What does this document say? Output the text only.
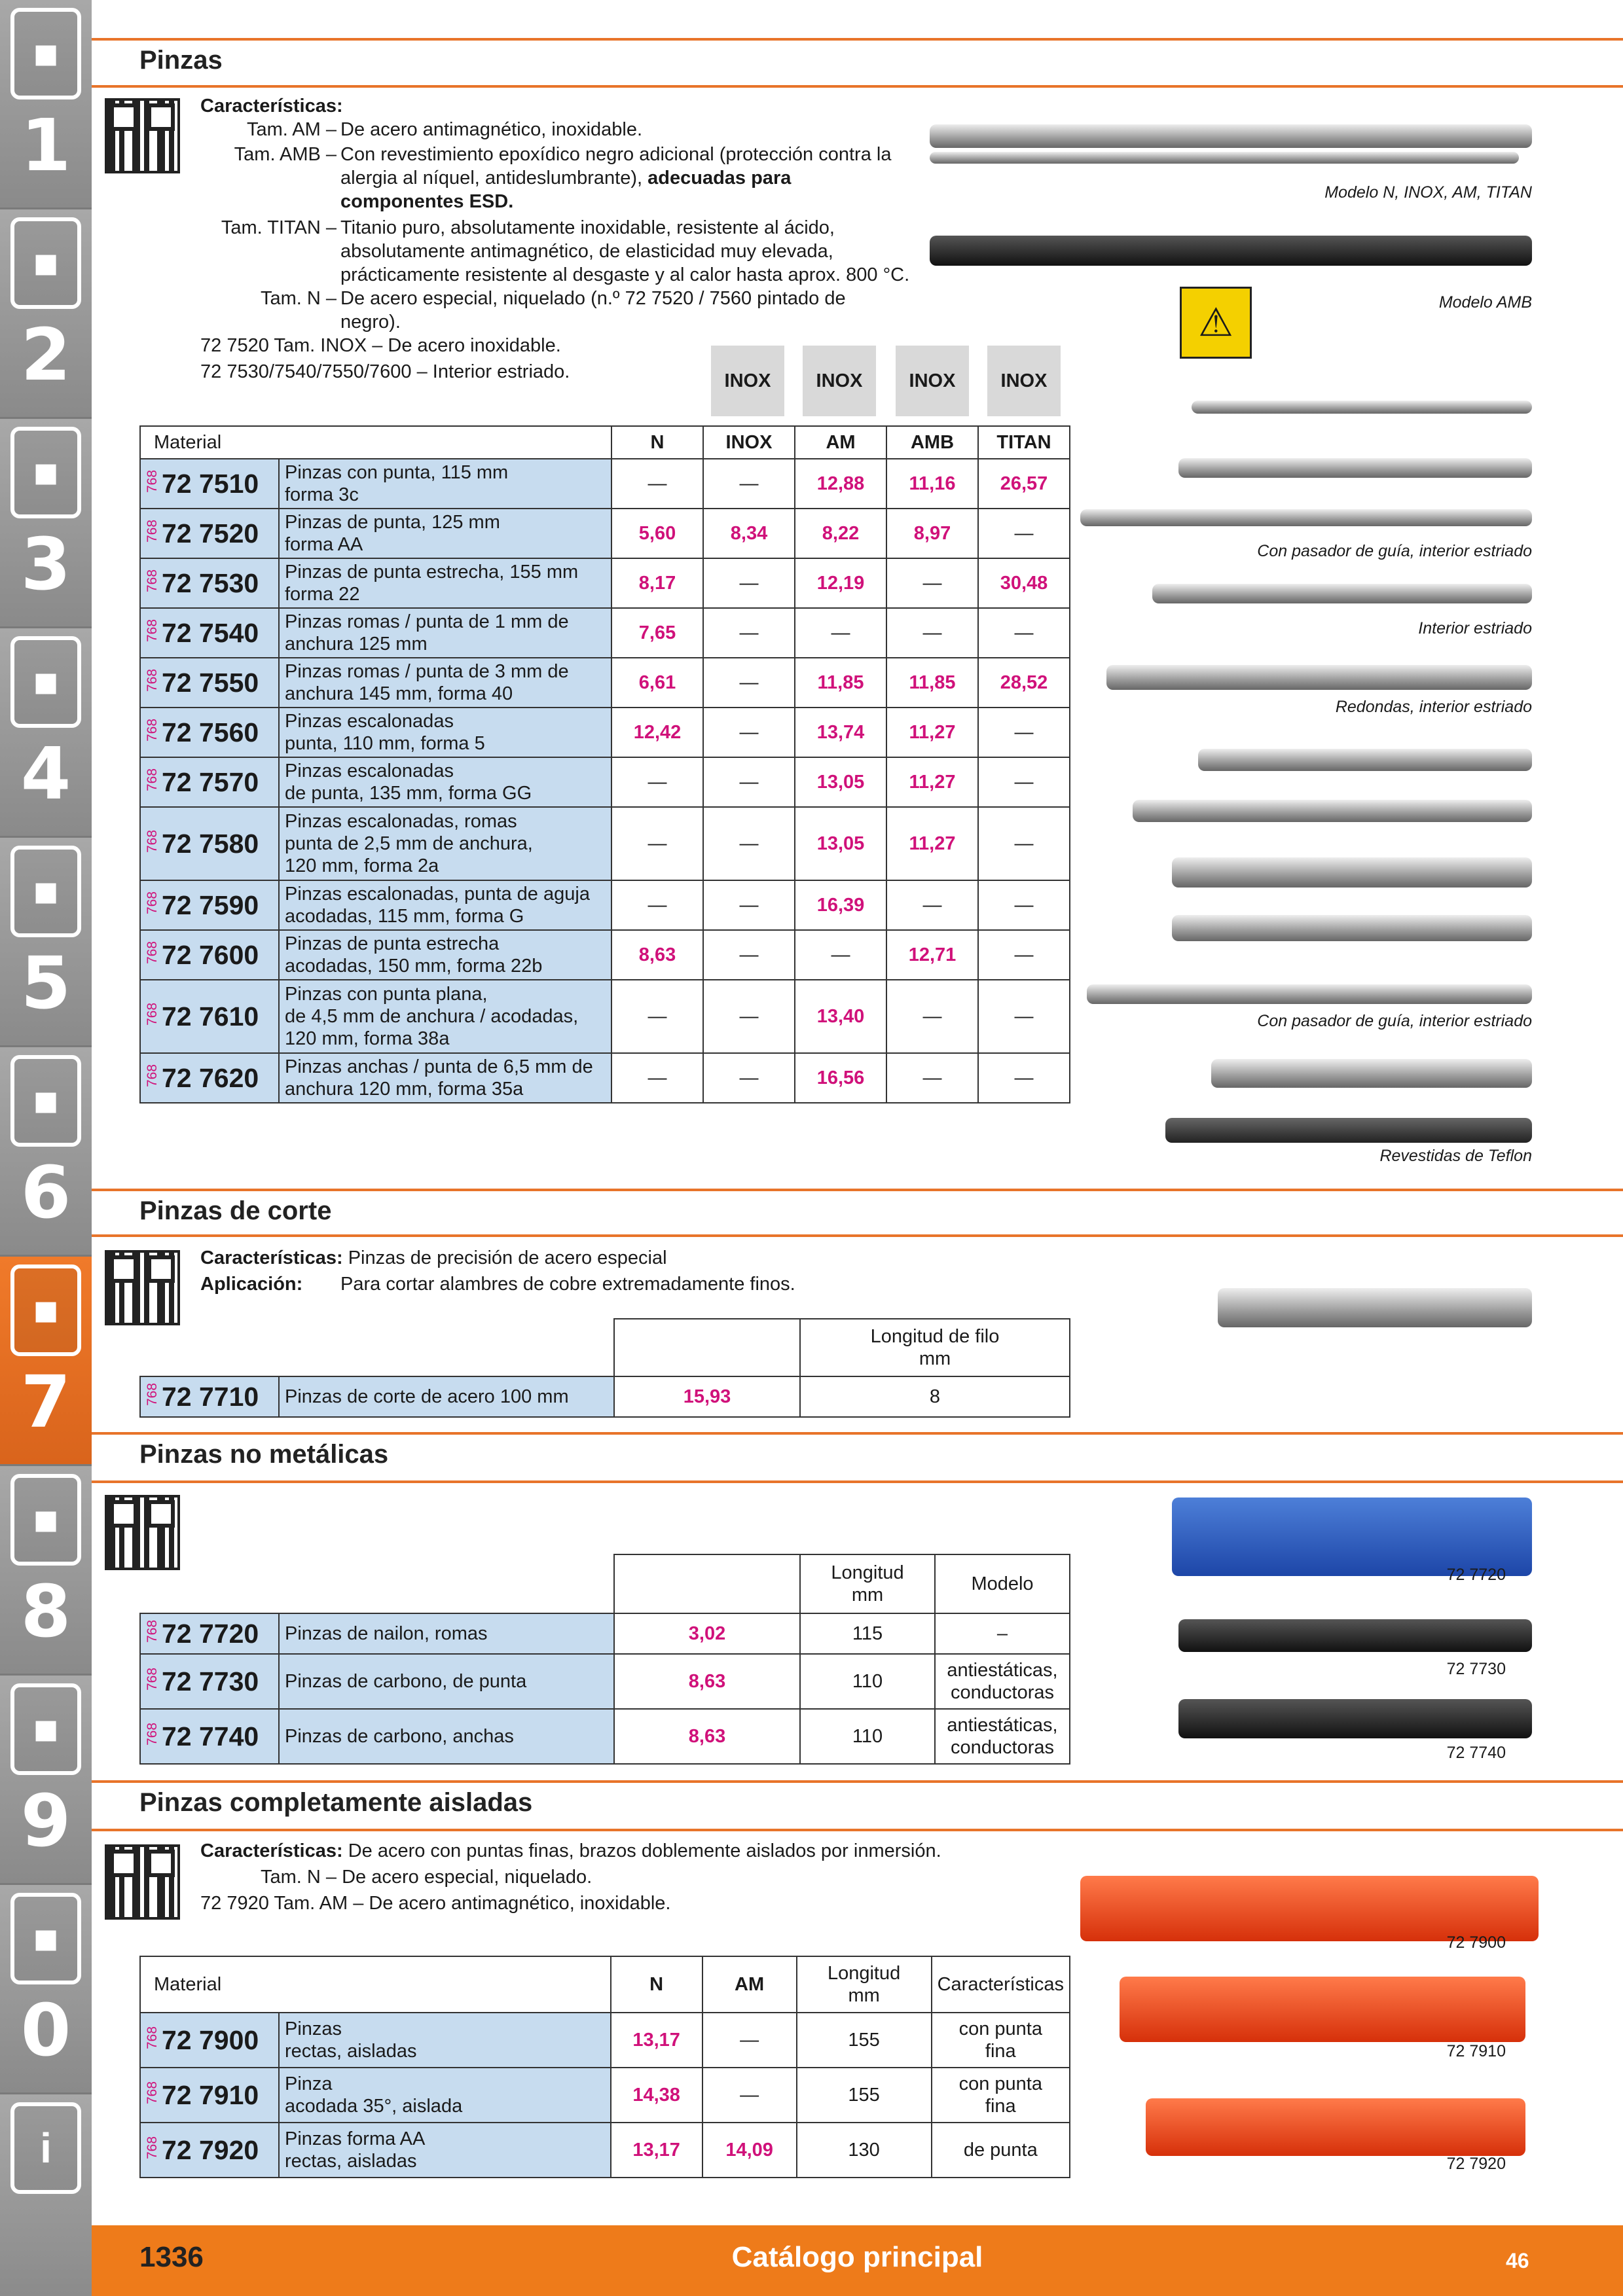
■
1
■
2
■
3
■
4
■
5
■
6
■
7
■
8
■
9
■
0
i
Pinzas
Características:
Tam. AM – De acero antimagnético, inoxidable.
Tam. AMB – Con revestimiento epoxídico negro adicional (protección contra la alergia al níquel, antideslumbrante), adecuadas para componentes ESD.
Tam. TITAN – Titanio puro, absolutamente inoxidable, resistente al ácido, absolutamente antimagnético, de elasticidad muy elevada, prácticamente resistente al desgaste y al calor hasta aprox. 800 °C.
Tam. N – De acero especial, niquelado (n.º 72 7520 / 7560 pintado de negro).
72 7520 Tam. INOX – De acero inoxidable.
72 7530/7540/7550/7600 – Interior estriado.	INOX	INOX	INOX	INOX
Material		N	INOX	AM	AMB	TITAN
76872 7510	Pinzas con punta, 115 mm
forma 3c	—	—	12,88	11,16	26,57
76872 7520	Pinzas de punta, 125 mm
forma AA	5,60	8,34	8,22	8,97	—
76872 7530	Pinzas de punta estrecha, 155 mm
forma 22	8,17	—	12,19	—	30,48
76872 7540	Pinzas romas / punta de 1 mm de
anchura 125 mm	7,65	—	—	—	—
76872 7550	Pinzas romas / punta de 3 mm de
anchura 145 mm, forma 40	6,61	—	11,85	11,85	28,52
76872 7560	Pinzas escalonadas
punta, 110 mm, forma 5	12,42	—	13,74	11,27	—
76872 7570	Pinzas escalonadas
de punta, 135 mm, forma GG	—	—	13,05	11,27	—
76872 7580	Pinzas escalonadas, romas
punta de 2,5 mm de anchura,
120 mm, forma 2a	—	—	13,05	11,27	—
76872 7590	Pinzas escalonadas, punta de aguja
acodadas, 115 mm, forma G	—	—	16,39	—	—
76872 7600	Pinzas de punta estrecha
acodadas, 150 mm, forma 22b	8,63	—	—	12,71	—
76872 7610	Pinzas con punta plana,
de 4,5 mm de anchura / acodadas,
120 mm, forma 38a	—	—	13,40	—	—
76872 7620	Pinzas anchas / punta de 6,5 mm de
anchura 120 mm, forma 35a	—	—	16,56	—	—
Modelo N, INOX, AM, TITAN
⚠	Modelo AMB
Con pasador de guía, interior estriado
Interior estriado
Redondas, interior estriado
Con pasador de guía, interior estriado
Revestidas de Teflon
Pinzas de corte
Características: Pinzas de precisión de acero especial
Aplicación: Para cortar alambres de cobre extremadamente finos.
			Longitud de filo
mm
76872 7710	Pinzas de corte de acero 100 mm	15,93	8
Pinzas no metálicas
			Longitud
mm	Modelo
76872 7720	Pinzas de nailon, romas	3,02	115	–
76872 7730	Pinzas de carbono, de punta	8,63	110	antiestáticas,
conductoras
76872 7740	Pinzas de carbono, anchas	8,63	110	antiestáticas,
conductoras
72 7720
72 7730
72 7740
Pinzas completamente aisladas
Características: De acero con puntas finas, brazos doblemente aislados por inmersión.
Tam. N – De acero especial, niquelado.
72 7920 Tam. AM – De acero antimagnético, inoxidable.
Material		N	AM	Longitud
mm	Características
76872 7900	Pinzas
rectas, aisladas	13,17	—	155	con punta
fina
76872 7910	Pinza
acodada 35°, aislada	14,38	—	155	con punta
fina
76872 7920	Pinzas forma AA
rectas, aisladas	13,17	14,09	130	de punta
72 7900
72 7910
72 7920
1336	Catálogo principal	46
